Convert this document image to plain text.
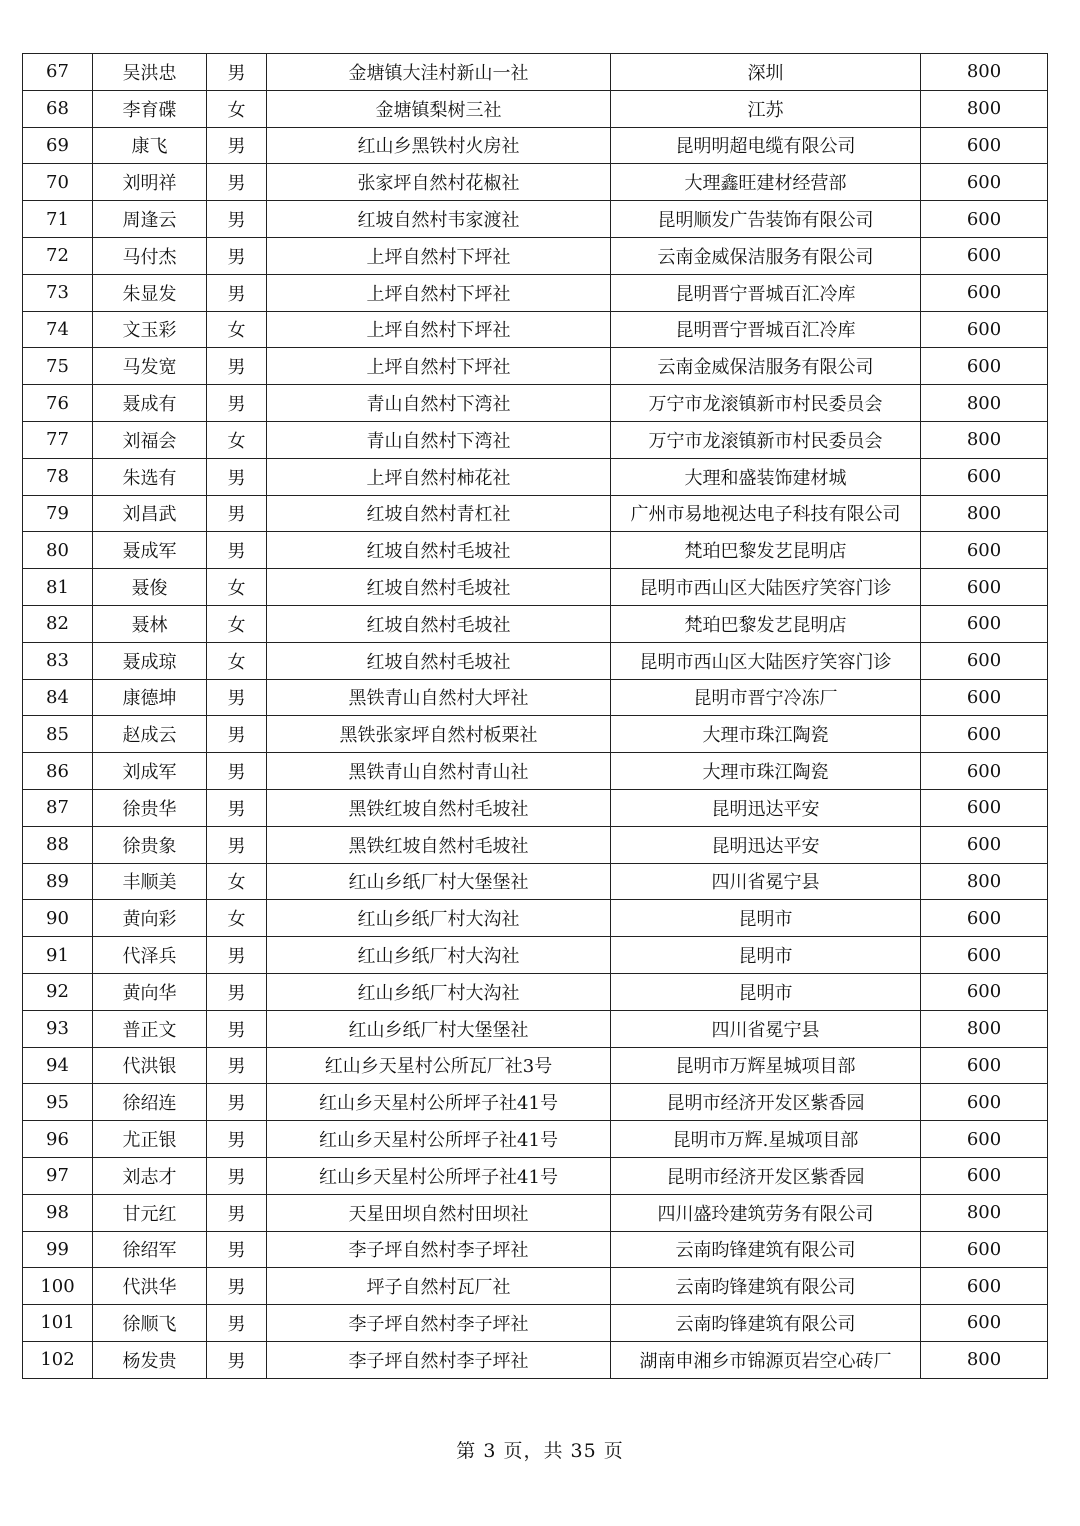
67	吴洪忠	男	金塘镇大洼村新山一社	深圳	800
68	李育碟	女	金塘镇梨树三社	江苏	800
69	康飞	男	红山乡黑铁村火房社	昆明明超电缆有限公司	600
70	刘明祥	男	张家坪自然村花椒社	大理鑫旺建材经营部	600
71	周逢云	男	红坡自然村韦家渡社	昆明顺发广告装饰有限公司	600
72	马付杰	男	上坪自然村下坪社	云南金威保洁服务有限公司	600
73	朱显发	男	上坪自然村下坪社	昆明晋宁晋城百汇冷库	600
74	文玉彩	女	上坪自然村下坪社	昆明晋宁晋城百汇冷库	600
75	马发宽	男	上坪自然村下坪社	云南金威保洁服务有限公司	600
76	聂成有	男	青山自然村下湾社	万宁市龙滚镇新市村民委员会	800
77	刘福会	女	青山自然村下湾社	万宁市龙滚镇新市村民委员会	800
78	朱选有	男	上坪自然村柿花社	大理和盛装饰建材城	600
79	刘昌武	男	红坡自然村青杠社	广州市易地视达电子科技有限公司	800
80	聂成军	男	红坡自然村毛坡社	梵珀巴黎发艺昆明店	600
81	聂俊	女	红坡自然村毛坡社	昆明市西山区大陆医疗笑容门诊	600
82	聂林	女	红坡自然村毛坡社	梵珀巴黎发艺昆明店	600
83	聂成琼	女	红坡自然村毛坡社	昆明市西山区大陆医疗笑容门诊	600
84	康德坤	男	黑铁青山自然村大坪社	昆明市晋宁冷冻厂	600
85	赵成云	男	黑铁张家坪自然村板栗社	大理市珠江陶瓷	600
86	刘成军	男	黑铁青山自然村青山社	大理市珠江陶瓷	600
87	徐贵华	男	黑铁红坡自然村毛坡社	昆明迅达平安	600
88	徐贵象	男	黑铁红坡自然村毛坡社	昆明迅达平安	600
89	丰顺美	女	红山乡纸厂村大堡堡社	四川省冕宁县	800
90	黄向彩	女	红山乡纸厂村大沟社	昆明市	600
91	代泽兵	男	红山乡纸厂村大沟社	昆明市	600
92	黄向华	男	红山乡纸厂村大沟社	昆明市	600
93	普正文	男	红山乡纸厂村大堡堡社	四川省冕宁县	800
94	代洪银	男	红山乡天星村公所瓦厂社3号	昆明市万辉星城项目部	600
95	徐绍连	男	红山乡天星村公所坪子社41号	昆明市经济开发区紫香园	600
96	尤正银	男	红山乡天星村公所坪子社41号	昆明市万辉.星城项目部	600
97	刘志才	男	红山乡天星村公所坪子社41号	昆明市经济开发区紫香园	600
98	甘元红	男	天星田坝自然村田坝社	四川盛玲建筑劳务有限公司	800
99	徐绍军	男	李子坪自然村李子坪社	云南昀锋建筑有限公司	600
100	代洪华	男	坪子自然村瓦厂社	云南昀锋建筑有限公司	600
101	徐顺飞	男	李子坪自然村李子坪社	云南昀锋建筑有限公司	600
102	杨发贵	男	李子坪自然村李子坪社	湖南申湘乡市锦源页岩空心砖厂	800
第 3 页，共 35 页
